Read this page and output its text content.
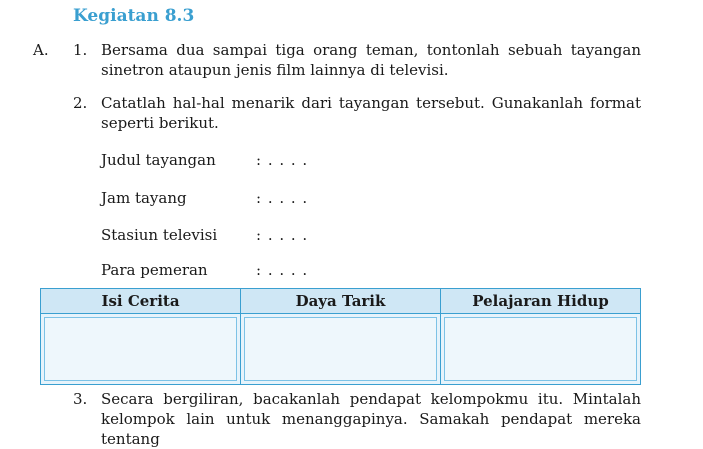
Kegiatan 8.3
A. 1. Bersama dua sampai tiga orang teman, tontonlah sebuah tayangan
sinetron ataupun jenis film lainnya di televisi.
2. Catatlah hal-hal menarik dari tayangan tersebut. Gunakanlah format
seperti berikut.
Judul tayangan	: . . . .
Jam tayang	: . . . .
Stasiun televisi	: . . . .
Para pemeran	: . . . .
Isi Cerita	Daya Tarik	Pelajaran Hidup

3. Secara bergiliran, bacakanlah pendapat kelompokmu itu. Mintalah
kelompok lain untuk menanggapinya. Samakah pendapat mereka tentang
